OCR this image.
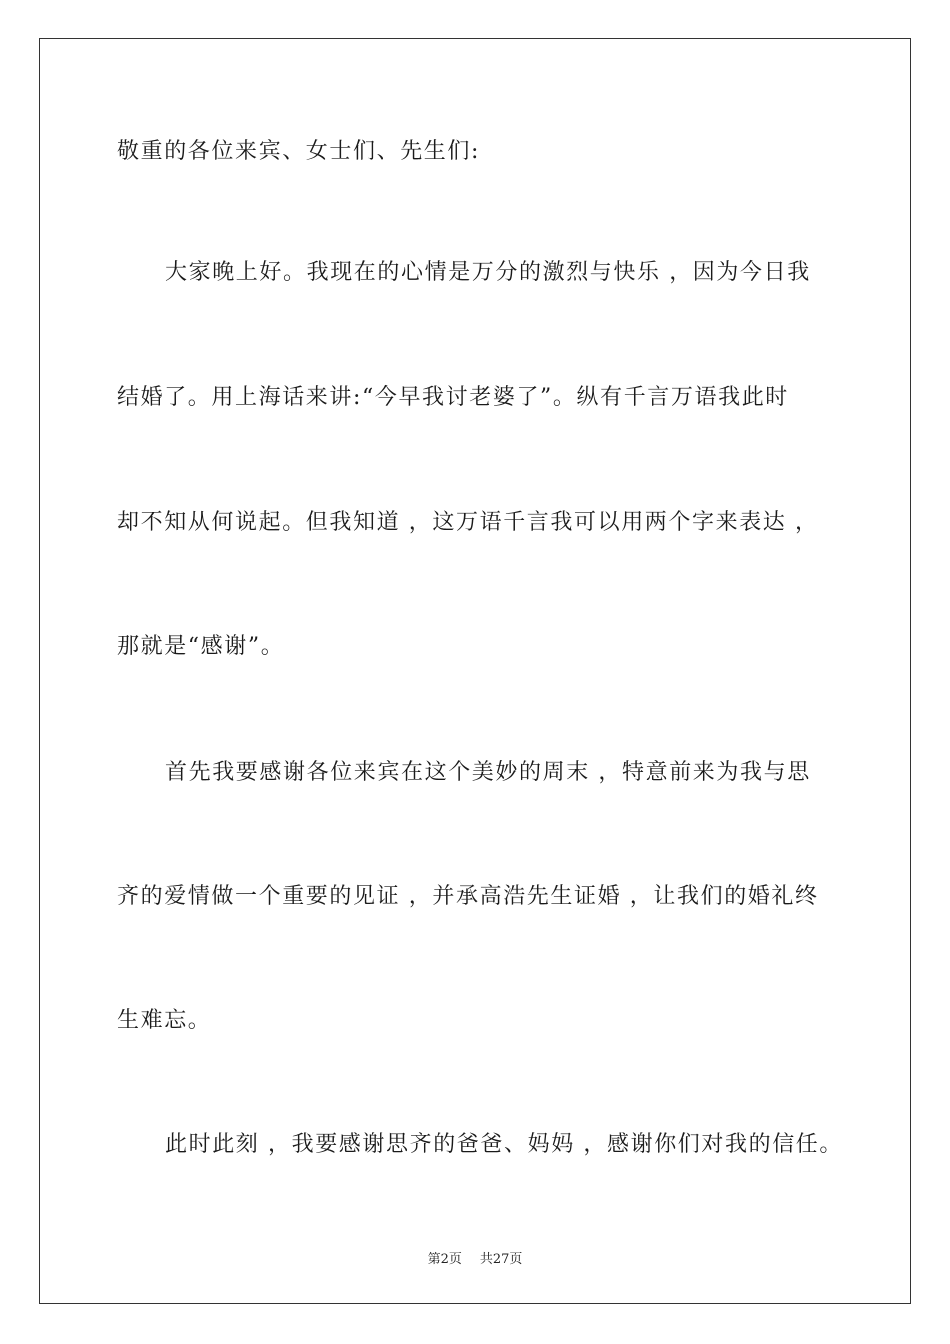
敬重的各位来宾、女士们、先生们:
大家晚上好。我现在的心情是万分的激烈与快乐 ，因为今日我
结婚了。用上海话来讲:“今早我讨老婆了”。纵有千言万语我此时
却不知从何说起。但我知道 ，这万语千言我可以用两个字来表达 ，
那就是“感谢”。
首先我要感谢各位来宾在这个美妙的周末 ，特意前来为我与思
齐的爱情做一个重要的见证 ，并承高浩先生证婚 ，让我们的婚礼终
生难忘。
此时此刻 ，我要感谢思齐的爸爸、妈妈 ，感谢你们对我的信任。
第2页 共27页
